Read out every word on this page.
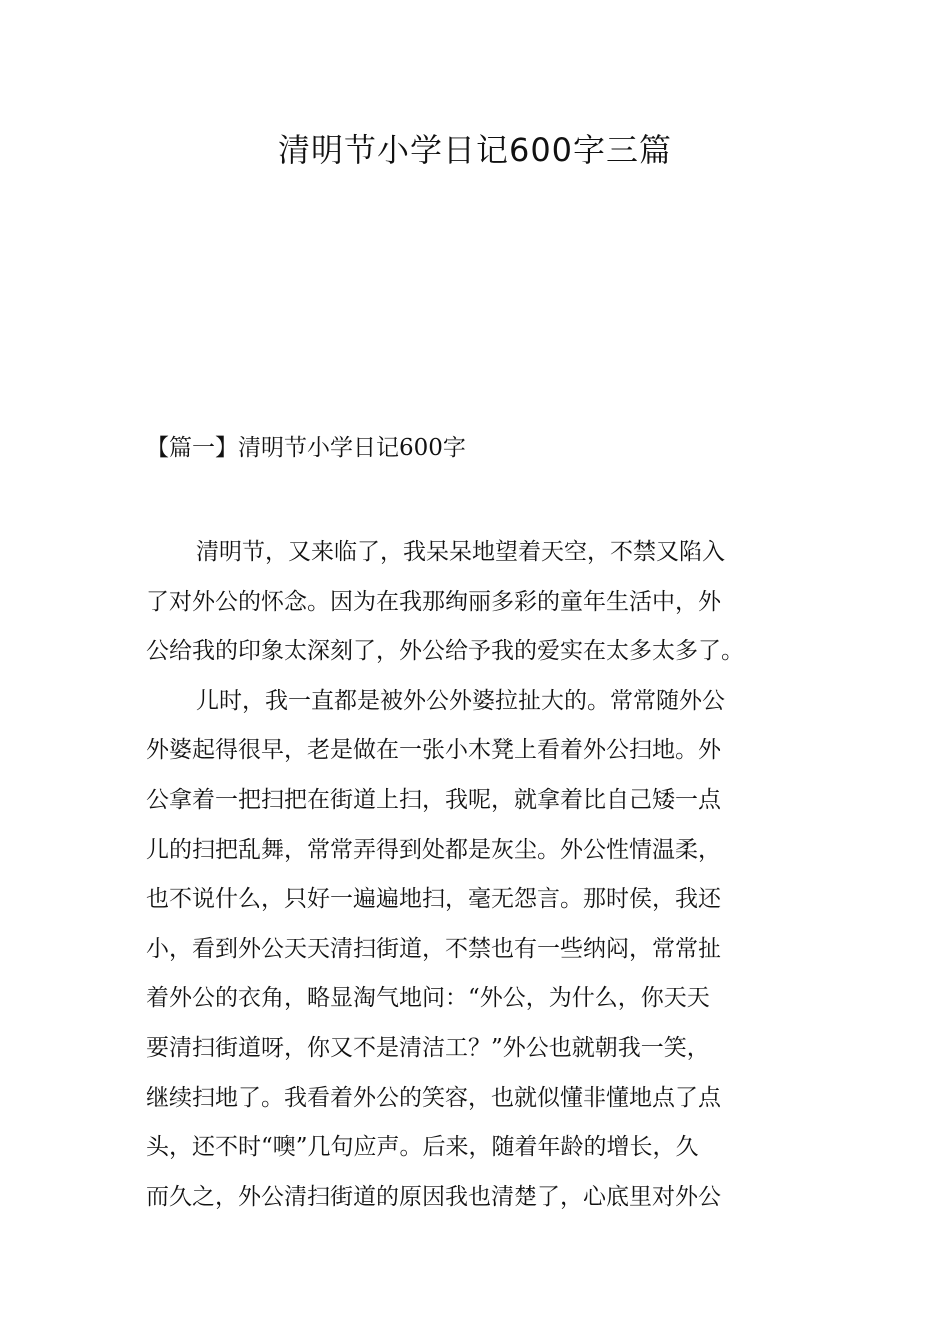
清明节小学日记600字三篇
【篇一】清明节小学日记600字
清明节，又来临了，我呆呆地望着天空，不禁又陷入
了对外公的怀念。因为在我那绚丽多彩的童年生活中，外
公给我的印象太深刻了，外公给予我的爱实在太多太多了。
儿时，我一直都是被外公外婆拉扯大的。常常随外公
外婆起得很早，老是做在一张小木凳上看着外公扫地。外
公拿着一把扫把在街道上扫，我呢，就拿着比自己矮一点
儿的扫把乱舞，常常弄得到处都是灰尘。外公性情温柔，
也不说什么，只好一遍遍地扫，毫无怨言。那时侯，我还
小，看到外公天天清扫街道，不禁也有一些纳闷，常常扯
着外公的衣角，略显淘气地问：“外公，为什么，你天天
要清扫街道呀，你又不是清洁工？”外公也就朝我一笑，
继续扫地了。我看着外公的笑容，也就似懂非懂地点了点
头，还不时“噢”几句应声。后来，随着年龄的增长，久
而久之，外公清扫街道的原因我也清楚了，心底里对外公
